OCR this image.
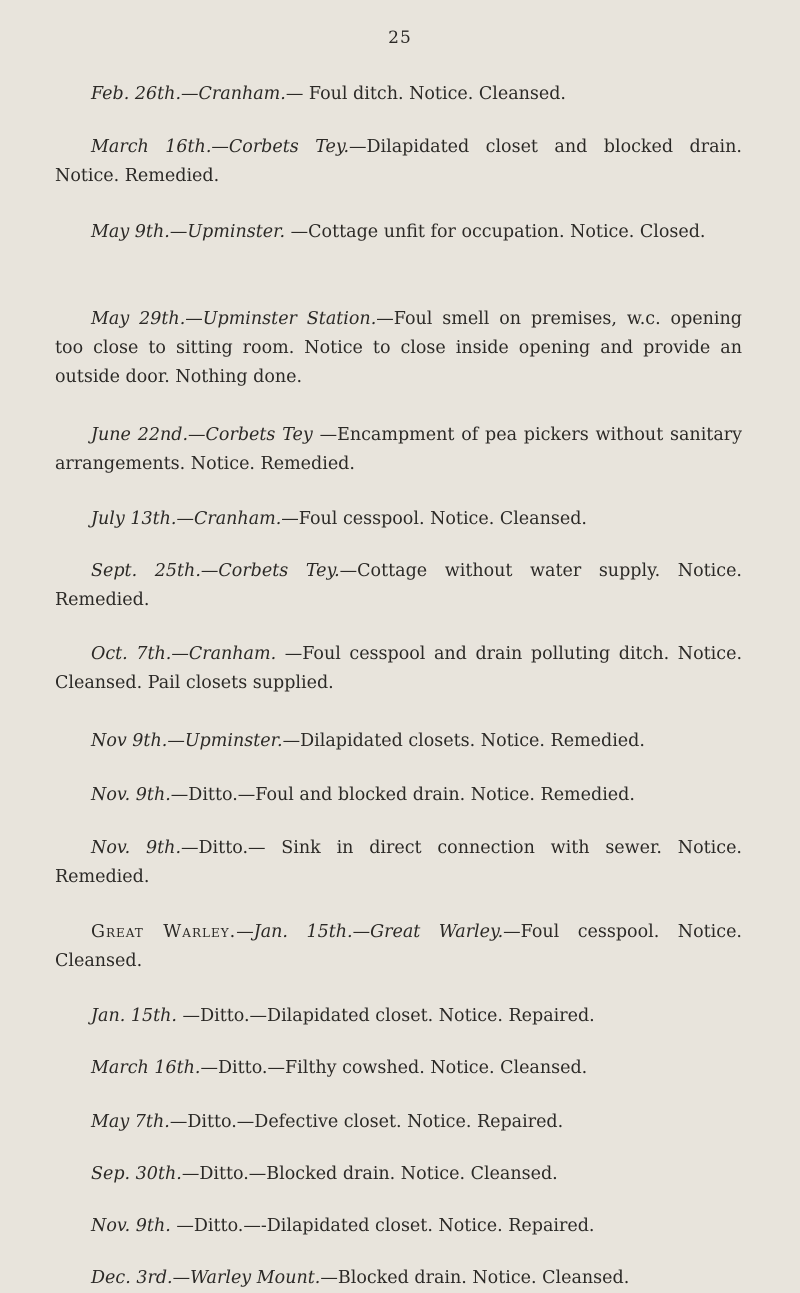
25

Feb. 26th.—Cranham.— Foul ditch. Notice. Cleansed.

March 16th.—Corbets Tey.—Dilapidated closet and blocked drain. Notice. Remedied.

May 9th.—Upminster. —Cottage unfit for occupation. Notice. Closed.

May 29th.—Upminster Station.—Foul smell on premises, w.c. opening too close to sitting room. Notice to close inside opening and provide an outside door. Nothing done.

June 22nd.—Corbets Tey —Encampment of pea pickers without sanitary arrangements. Notice. Remedied.

July 13th.—Cranham.—Foul cesspool. Notice. Cleansed.

Sept. 25th.—Corbets Tey.—Cottage without water supply. Notice. Remedied.

Oct. 7th.—Cranham. —Foul cesspool and drain polluting ditch. Notice. Cleansed. Pail closets supplied.

Nov 9th.—Upminster.—Dilapidated closets. Notice. Remedied.

Nov. 9th.—Ditto.—Foul and blocked drain. Notice. Remedied.

Nov. 9th.—Ditto.— Sink in direct connection with sewer. Notice. Remedied.

Great Warley.—Jan. 15th.—Great Warley.—Foul cesspool. Notice. Cleansed.

Jan. 15th. —Ditto.—Dilapidated closet. Notice. Repaired.

March 16th.—Ditto.—Filthy cowshed. Notice. Cleansed.

May 7th.—Ditto.—Defective closet. Notice. Repaired.

Sep. 30th.—Ditto.—Blocked drain. Notice. Cleansed.

Nov. 9th. —Ditto.—-Dilapidated closet. Notice. Repaired.

Dec. 3rd.—Warley Mount.—Blocked drain. Notice. Cleansed.
